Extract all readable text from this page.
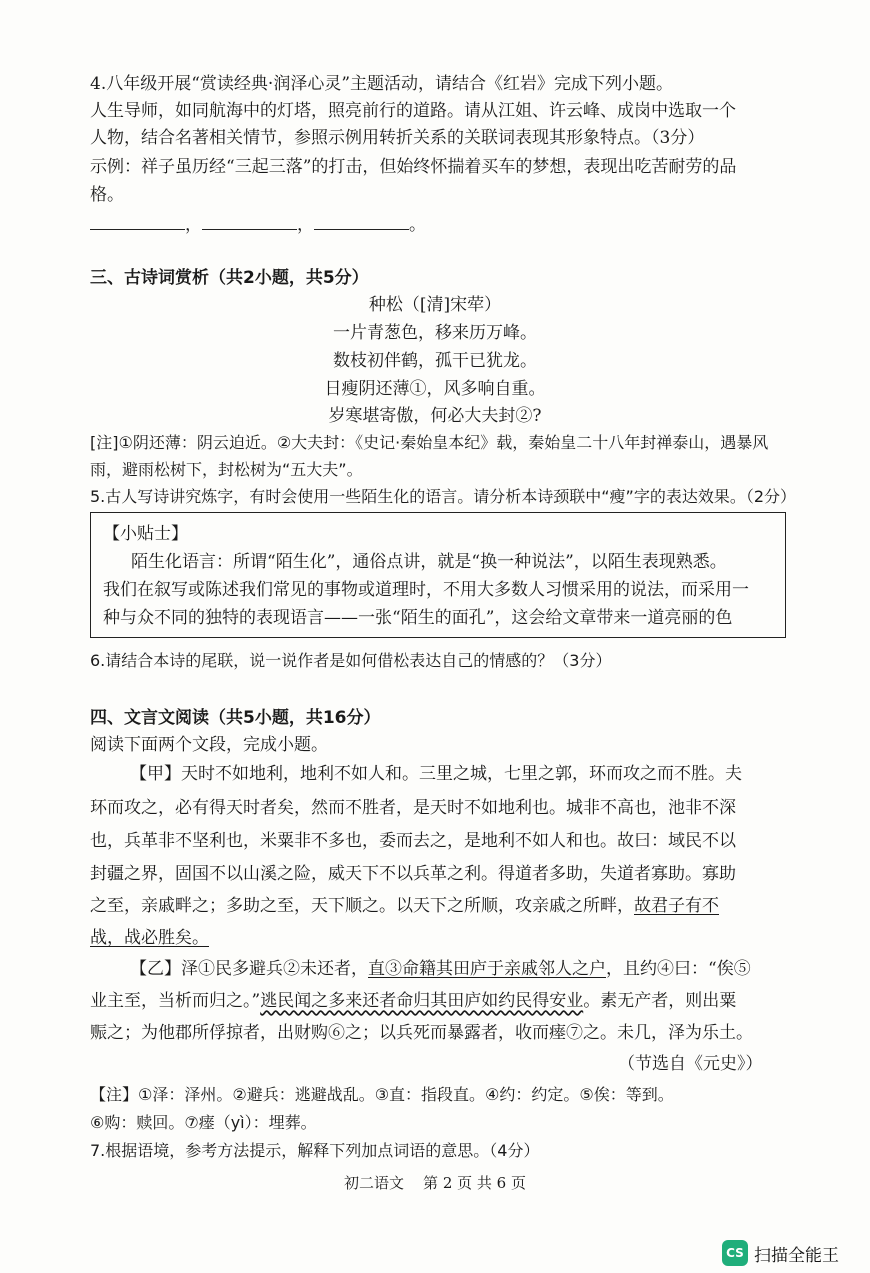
4.八年级开展“赏读经典·润泽心灵”主题活动，请结合《红岩》完成下列小题。
人生导师，如同航海中的灯塔，照亮前行的道路。请从江姐、许云峰、成岗中选取一个
人物，结合名著相关情节，参照示例用转折关系的关联词表现其形象特点。（3分）
示例：祥子虽历经“三起三落”的打击，但始终怀揣着买车的梦想，表现出吃苦耐劳的品
格。
，	，	。
三、古诗词赏析（共2小题，共5分）
种松（[清]宋荦）
一片青葱色，移来历万峰。
数枝初伴鹤，孤干已犹龙。
日瘦阴还薄①，风多响自重。
岁寒堪寄傲，何必大夫封②?
[注]①阴还薄：阴云迫近。②大夫封：《史记·秦始皇本纪》载，秦始皇二十八年封禅泰山，遇暴风
雨，避雨松树下，封松树为“五大夫”。
5.古人写诗讲究炼字，有时会使用一些陌生化的语言。请分析本诗颈联中“瘦”字的表达效果。（2分）
【小贴士】
陌生化语言：所谓“陌生化”，通俗点讲，就是“换一种说法”，以陌生表现熟悉。
我们在叙写或陈述我们常见的事物或道理时，不用大多数人习惯采用的说法，而采用一
种与众不同的独特的表现语言——一张“陌生的面孔”，这会给文章带来一道亮丽的色
6.请结合本诗的尾联，说一说作者是如何借松表达自己的情感的？（3分）
四、文言文阅读（共5小题，共16分）
阅读下面两个文段，完成小题。
【甲】天时不如地利，地利不如人和。三里之城，七里之郭，环而攻之而不胜。夫
环而攻之，必有得天时者矣，然而不胜者，是天时不如地利也。城非不高也，池非不深
也，兵革非不坚利也，米粟非不多也，委而去之，是地利不如人和也。故曰：域民不以
封疆之界，固国不以山溪之险，威天下不以兵革之利。得道者多助，失道者寡助。寡助
之至，亲戚畔之；多助之至，天下顺之。以天下之所顺，攻亲戚之所畔，故君子有不
战，战必胜矣。
【乙】泽①民多避兵②未还者，直③命籍其田庐于亲戚邻人之户，且约④曰：“俟⑤
业主至，当析而归之。”逃民闻之多来还者命归其田庐如约民得安业。素无产者，则出粟
赈之；为他郡所俘掠者，出财购⑥之；以兵死而暴露者，收而瘗⑦之。未几，泽为乐土。
（节选自《元史》）
【注】①泽：泽州。②避兵：逃避战乱。③直：指段直。④约：约定。⑤俟：等到。
⑥购：赎回。⑦瘗（yì）：埋葬。
7.根据语境，参考方法提示，解释下列加点词语的意思。（4分）
初二语文    第 2 页 共 6 页
CS 扫描全能王
